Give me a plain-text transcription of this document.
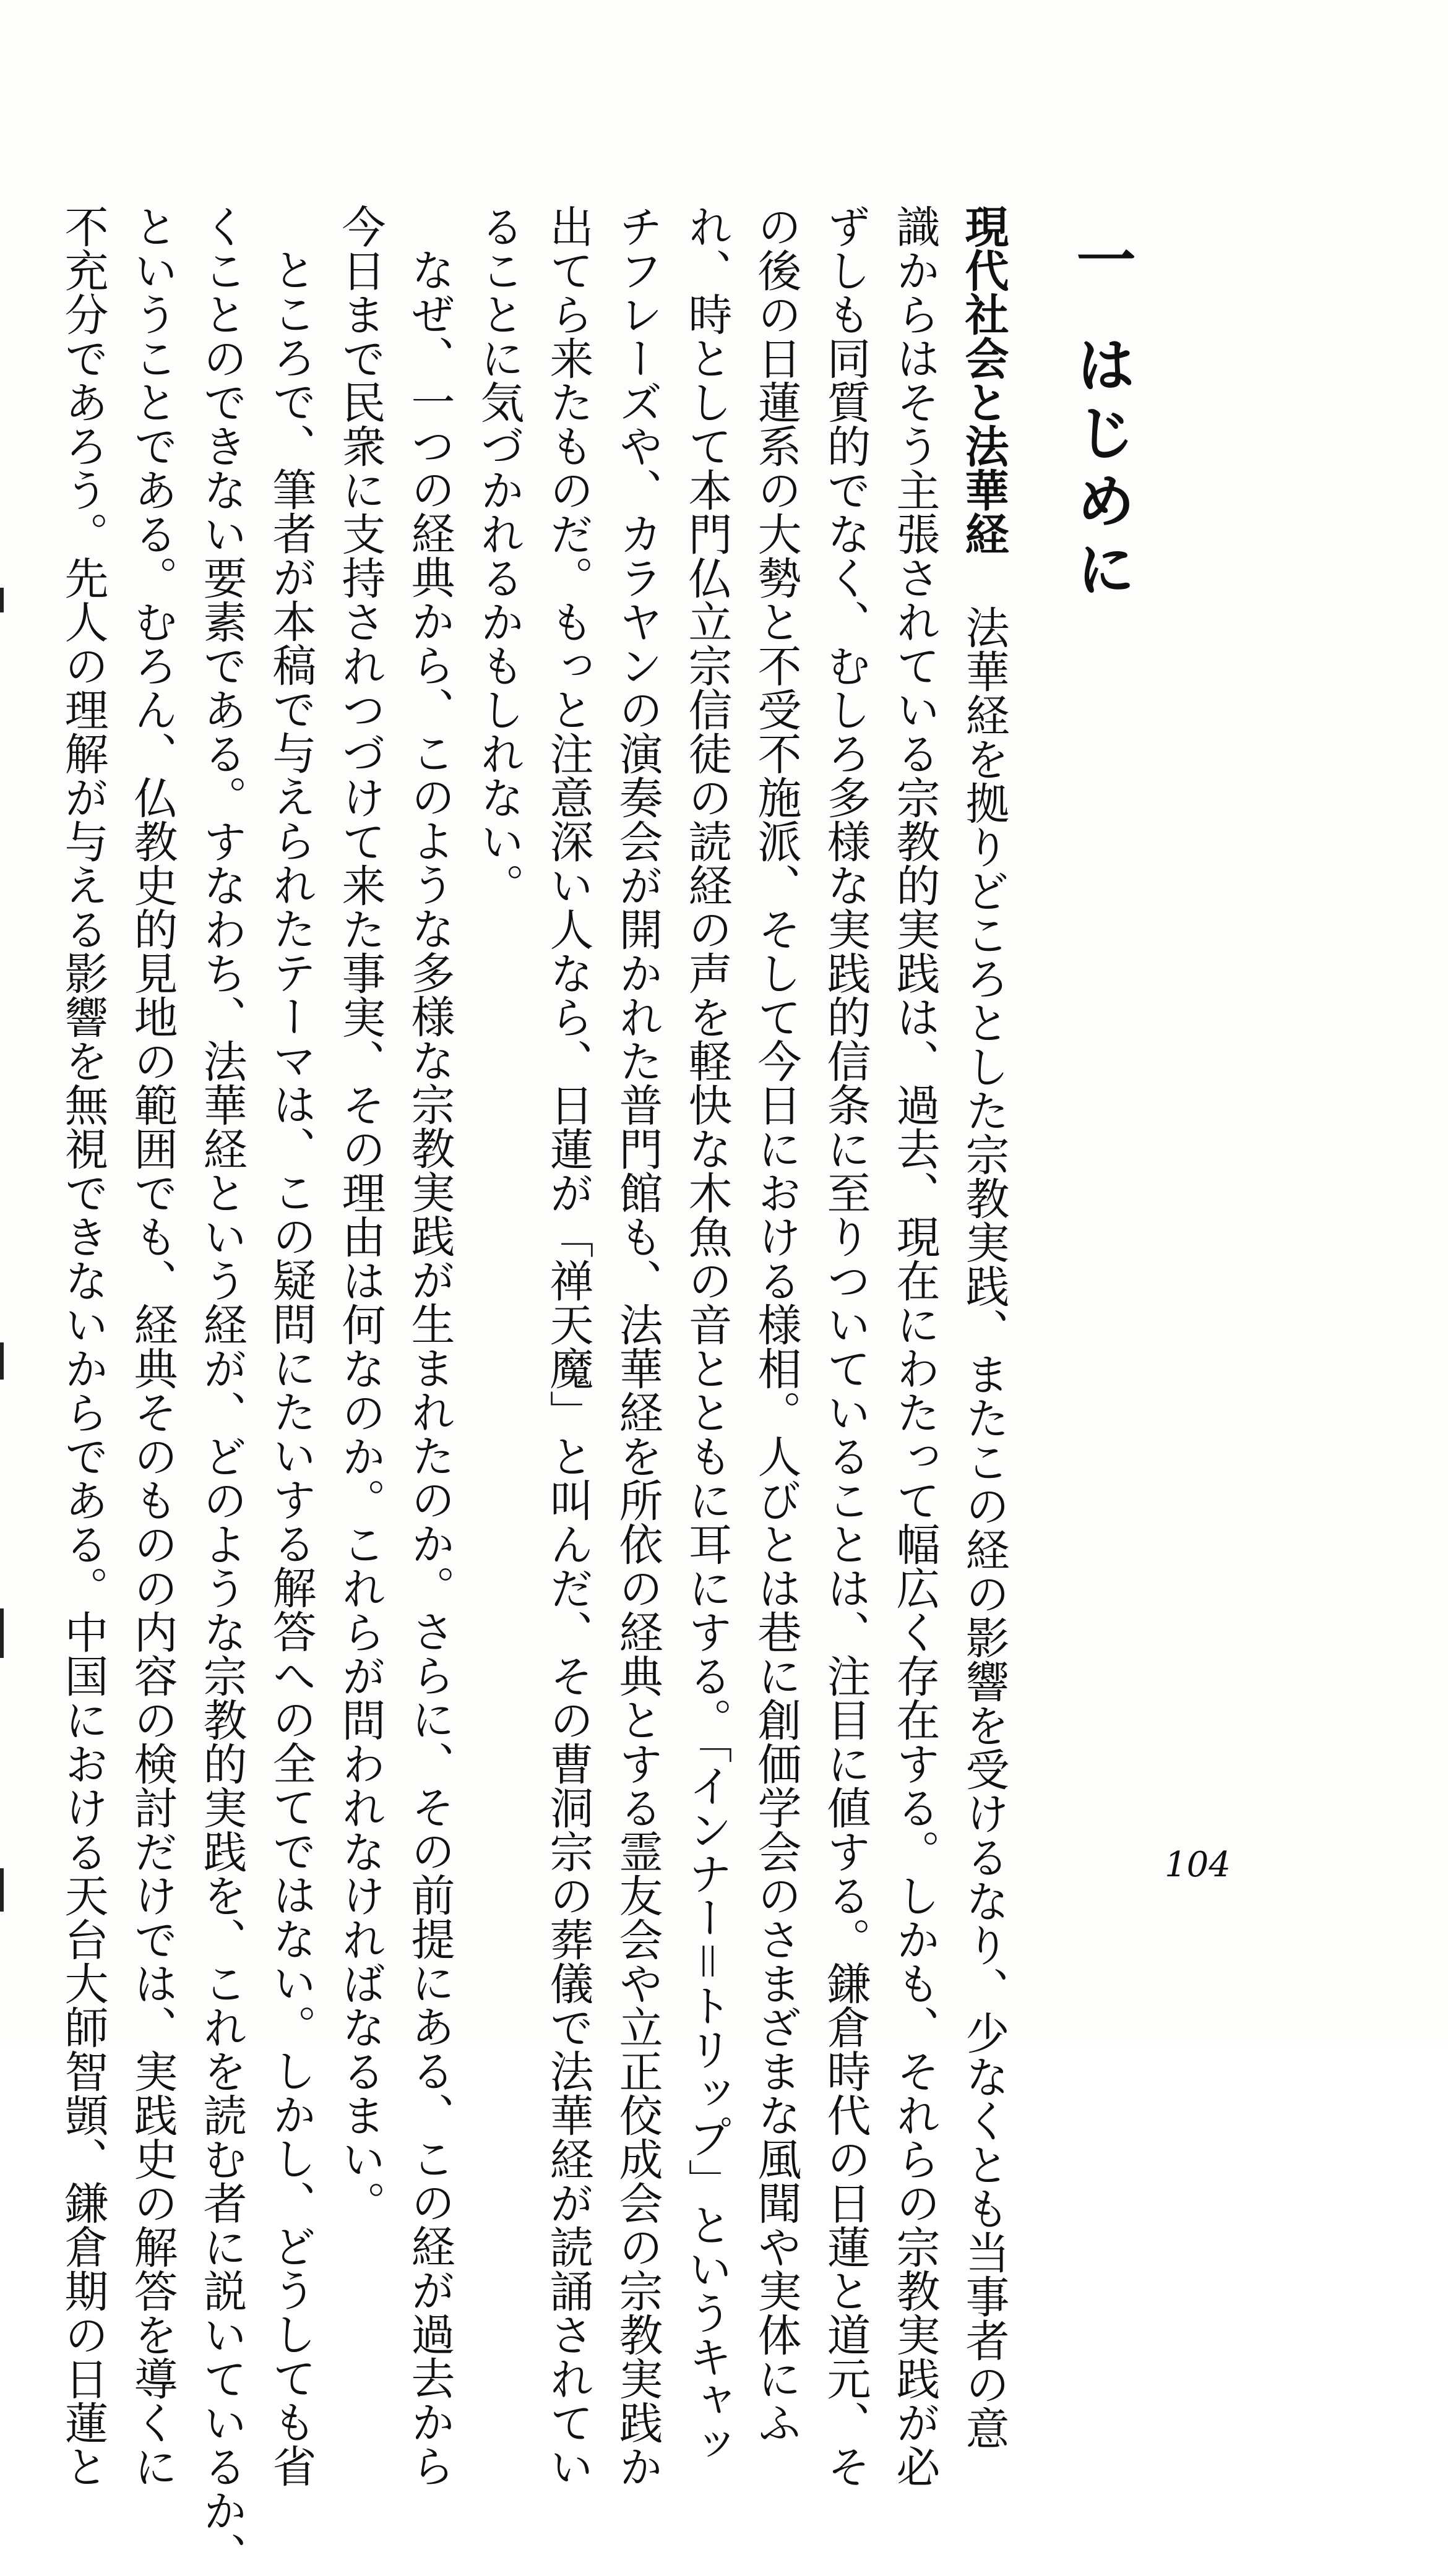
一はじめに
現代社会と法華経法華経を拠りどころとした宗教実践、またこの経の影響を受けるなり、少なくとも当事者の意
識からはそう主張されている宗教的実践は、過去、現在にわたって幅広く存在する。しかも、それらの宗教実践が必
ずしも同質的でなく、むしろ多様な実践的信条に至りついていることは、注目に値する。鎌倉時代の日蓮と道元、そ
の後の日蓮系の大勢と不受不施派、そして今日における様相。人びとは巷に創価学会のさまざまな風聞や実体にふ
れ、時として本門仏立宗信徒の読経の声を軽快な木魚の音とともに耳にする。「インナー＝トリップ」というキャッ
チフレーズや、カラヤンの演奏会が開かれた普門館も、法華経を所依の経典とする霊友会や立正佼成会の宗教実践か
出てら来たものだ。もっと注意深い人なら、日蓮が「禅天魔」と叫んだ、その曹洞宗の葬儀で法華経が読誦されてい
ることに気づかれるかもしれない。
なぜ、一つの経典から、このような多様な宗教実践が生まれたのか。さらに、その前提にある、この経が過去から
今日まで民衆に支持されつづけて来た事実、その理由は何なのか。これらが問われなければなるまい。
ところで、筆者が本稿で与えられたテーマは、この疑問にたいする解答への全てではない。しかし、どうしても省
くことのできない要素である。すなわち、法華経という経が、どのような宗教的実践を、これを読む者に説いているか、
ということである。むろん、仏教史的見地の範囲でも、経典そのものの内容の検討だけでは、実践史の解答を導くに
不充分であろう。先人の理解が与える影響を無視できないからである。中国における天台大師智顗、鎌倉期の日蓮と	104
